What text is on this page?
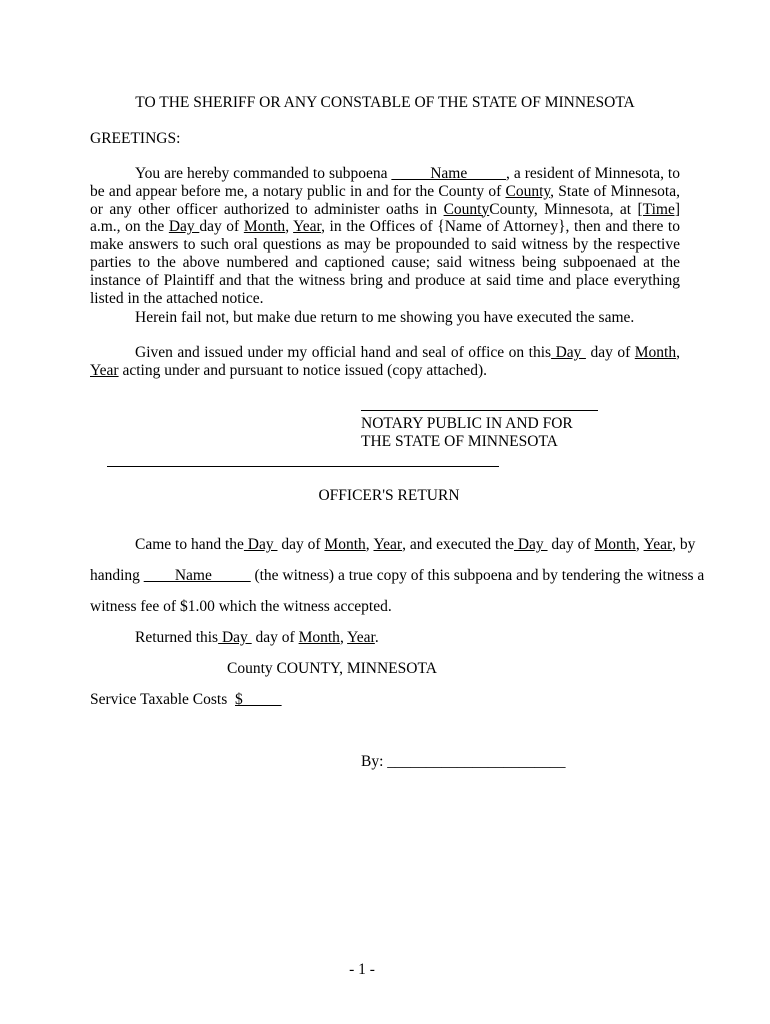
TO THE SHERIFF OR ANY CONSTABLE OF THE STATE OF MINNESOTA
GREETINGS:
You are hereby commanded to subpoena _____Name_____, a resident of Minnesota, to be and appear before me, a notary public in and for the County of County, State of Minnesota, or any other officer authorized to administer oaths in CountyCounty, Minnesota, at [Time] a.m., on the Day day of Month, Year, in the Offices of {Name of Attorney}, then and there to make answers to such oral questions as may be propounded to said witness by the respective parties to the above numbered and captioned cause; said witness being subpoenaed at the instance of Plaintiff and that the witness bring and produce at said time and place everything listed in the attached notice.
Herein fail not, but make due return to me showing you have executed the same.
Given and issued under my official hand and seal of office on this Day  day of Month, Year acting under and pursuant to notice issued (copy attached).
NOTARY PUBLIC IN AND FOR
THE STATE OF MINNESOTA
OFFICER'S RETURN
Came to hand the Day day of Month , Year , and executed the Day day of Month , Year , by
handing ____Name_____ (the witness) a true copy of this subpoena and by tendering the witness a
witness fee of $1.00 which the witness accepted.
Returned this Day  day of Month, Year.
County COUNTY, MINNESOTA
Service Taxable Costs  $_____
By: _______________________
- 1 -
